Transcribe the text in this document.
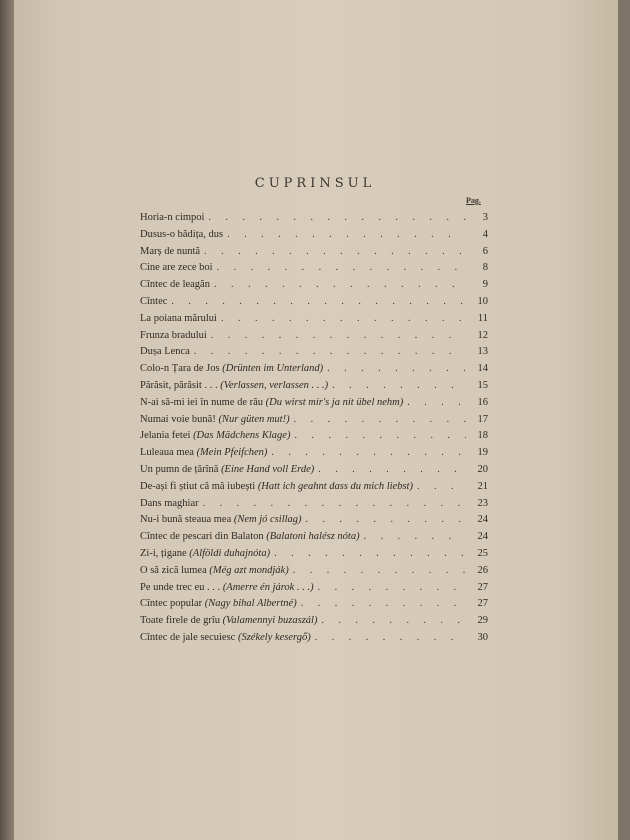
CUPRINSUL
Pag.
Horia-n cimpoi . . .	3
Dusus-o bădița, dus . . .	4
Marș de nuntă . . .	6
Cine are zece boi . . .	8
Cîntec de leagăn . . .	9
Cîntec . . .	10
La poiana mărului . . .	11
Frunza bradului . . .	12
Dușa Lenca . . .	13
Colo-n Țara de Jos (Drünten im Unterland) . . .	14
Părăsit, părăsit . . . (Verlassen, verlassen . . .) . . .	15
N-ai să-mi iei în nume de rău (Du wirst mir's ja nit übel nehm) . . .	16
Numai voie bună! (Nur güten mut!) . . .	17
Jelania fetei (Das Mädchens Klage) . . .	18
Luleaua mea (Mein Pfeifchen) . . .	19
Un pumn de țărînă (Eine Hand voll Erde) . . .	20
De-ași fi știut că mă iubești (Hatt ich geahnt dass du mich liebst) . . .	21
Dans maghiar . . .	23
Nu-i bună steaua mea (Nem jó csillag) . . .	24
Cîntec de pescari din Balaton (Balatoni halész nóta) . . .	24
Zi-i, țigane (Alföldi duhajnóta) . . .	25
O să zică lumea (Még azt mondják) . . .	26
Pe unde trec eu . . . (Amerre én járok . . .) . . .	27
Cîntec popular (Nagy bihal Albertné) . . .	27
Toate firele de grîu (Valamennyi buzaszál) . . .	29
Cîntec de jale secuiesc (Székely kesergő) . . .	30
